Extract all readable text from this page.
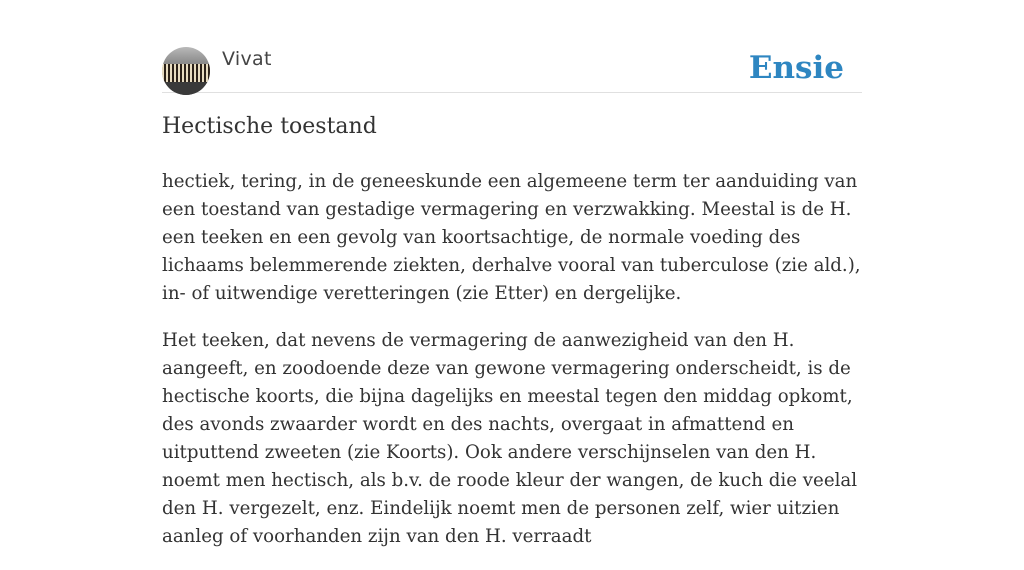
Vivat	Ensie
Hectische toestand

hectiek, tering, in de geneeskunde een algemeene term ter aanduiding van een toestand van gestadige vermagering en verzwakking. Meestal is de H. een teeken en een gevolg van koortsachtige, de normale voeding des lichaams belemmerende ziekten, derhalve vooral van tuberculose (zie ald.), in- of uitwendige veretteringen (zie Etter) en dergelijke.

Het teeken, dat nevens de vermagering de aanwezigheid van den H. aangeeft, en zoodoende deze van gewone vermagering onderscheidt, is de hectische koorts, die bijna dagelijks en meestal tegen den middag opkomt, des avonds zwaarder wordt en des nachts, overgaat in afmattend en uitputtend zweeten (zie Koorts). Ook andere verschijnselen van den H. noemt men hectisch, als b.v. de roode kleur der wangen, de kuch die veelal den H. vergezelt, enz. Eindelijk noemt men de personen zelf, wier uitzien aanleg of voorhanden zijn van den H. verraadt
